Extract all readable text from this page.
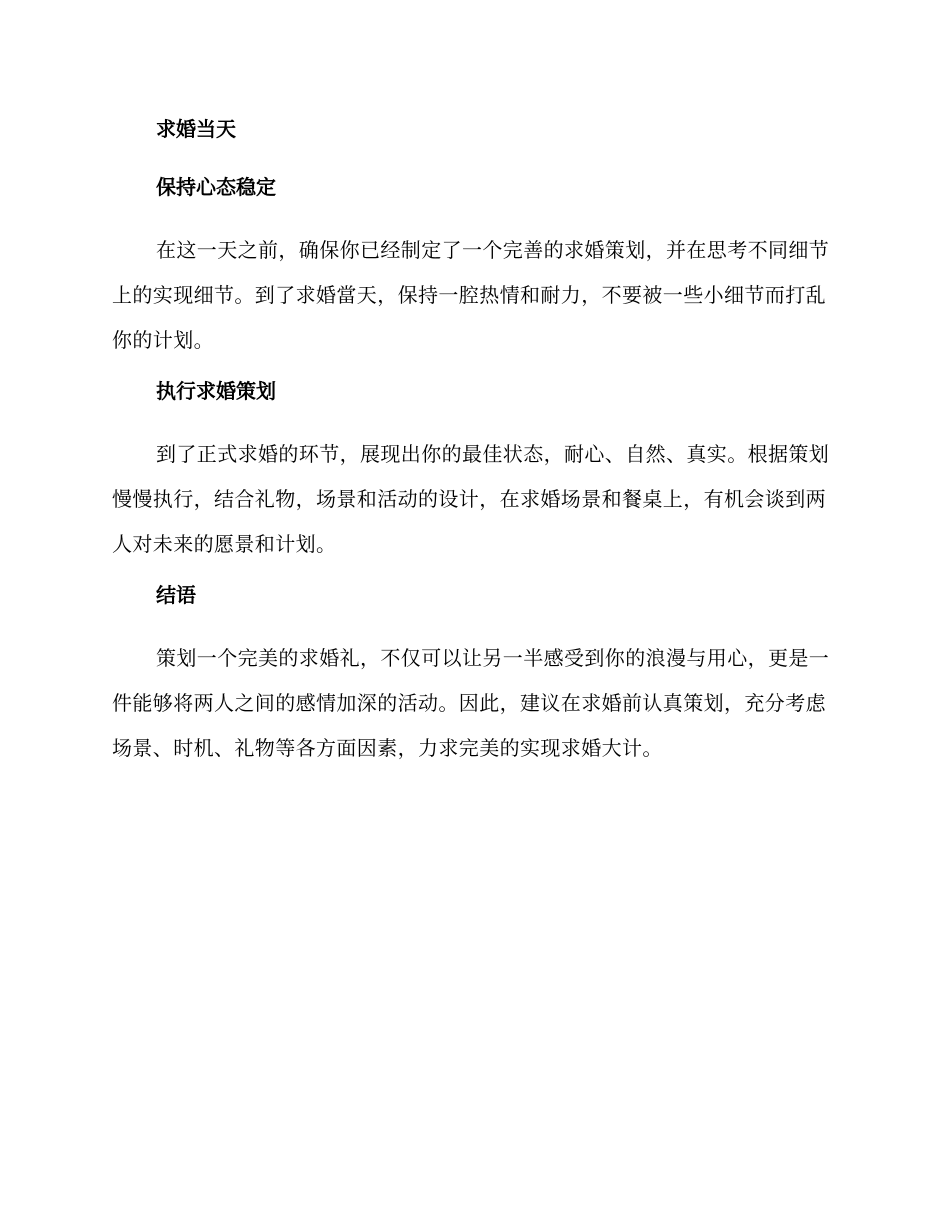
求婚当天
保持心态稳定

在这一天之前，确保你已经制定了一个完善的求婚策划，并在思考不同细节上的实现细节。到了求婚當天，保持一腔热情和耐力，不要被一些小细节而打乱你的计划。

执行求婚策划

到了正式求婚的环节，展现出你的最佳状态，耐心、自然、真实。根据策划慢慢执行，结合礼物，场景和活动的设计，在求婚场景和餐桌上，有机会谈到两人对未来的愿景和计划。

结语

策划一个完美的求婚礼，不仅可以让另一半感受到你的浪漫与用心，更是一件能够将两人之间的感情加深的活动。因此，建议在求婚前认真策划，充分考虑场景、时机、礼物等各方面因素，力求完美的实现求婚大计。
